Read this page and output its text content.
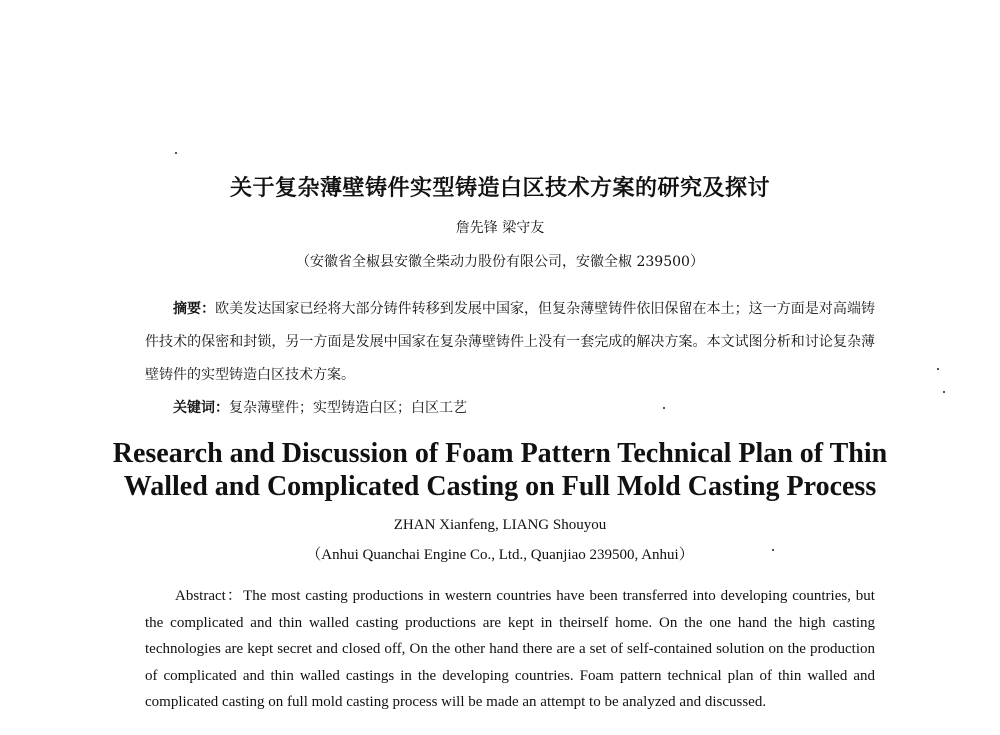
关于复杂薄壁铸件实型铸造白区技术方案的研究及探讨
詹先锋 梁守友
（安徽省全椒县安徽全柴动力股份有限公司，安徽全椒 239500）

摘要：欧美发达国家已经将大部分铸件转移到发展中国家，但复杂薄壁铸件依旧保留在本土；这一方面是对高端铸件技术的保密和封锁，另一方面是发展中国家在复杂薄壁铸件上没有一套完成的解决方案。本文试图分析和讨论复杂薄壁铸件的实型铸造白区技术方案。

关键词：复杂薄壁件；实型铸造白区；白区工艺
Research and Discussion of Foam Pattern Technical Plan of Thin
Walled and Complicated Casting on Full Mold Casting Process
ZHAN Xianfeng, LIANG Shouyou
（Anhui Quanchai Engine Co., Ltd., Quanjiao 239500, Anhui）

Abstract：The most casting productions in western countries have been transferred into developing countries, but the complicated and thin walled casting productions are kept in theirself home. On the one hand the high casting technologies are kept secret and closed off, On the other hand there are a set of self-contained solution on the production of complicated and thin walled castings in the developing countries. Foam pattern technical plan of thin walled and complicated casting on full mold casting process will be made an attempt to be analyzed and discussed.
